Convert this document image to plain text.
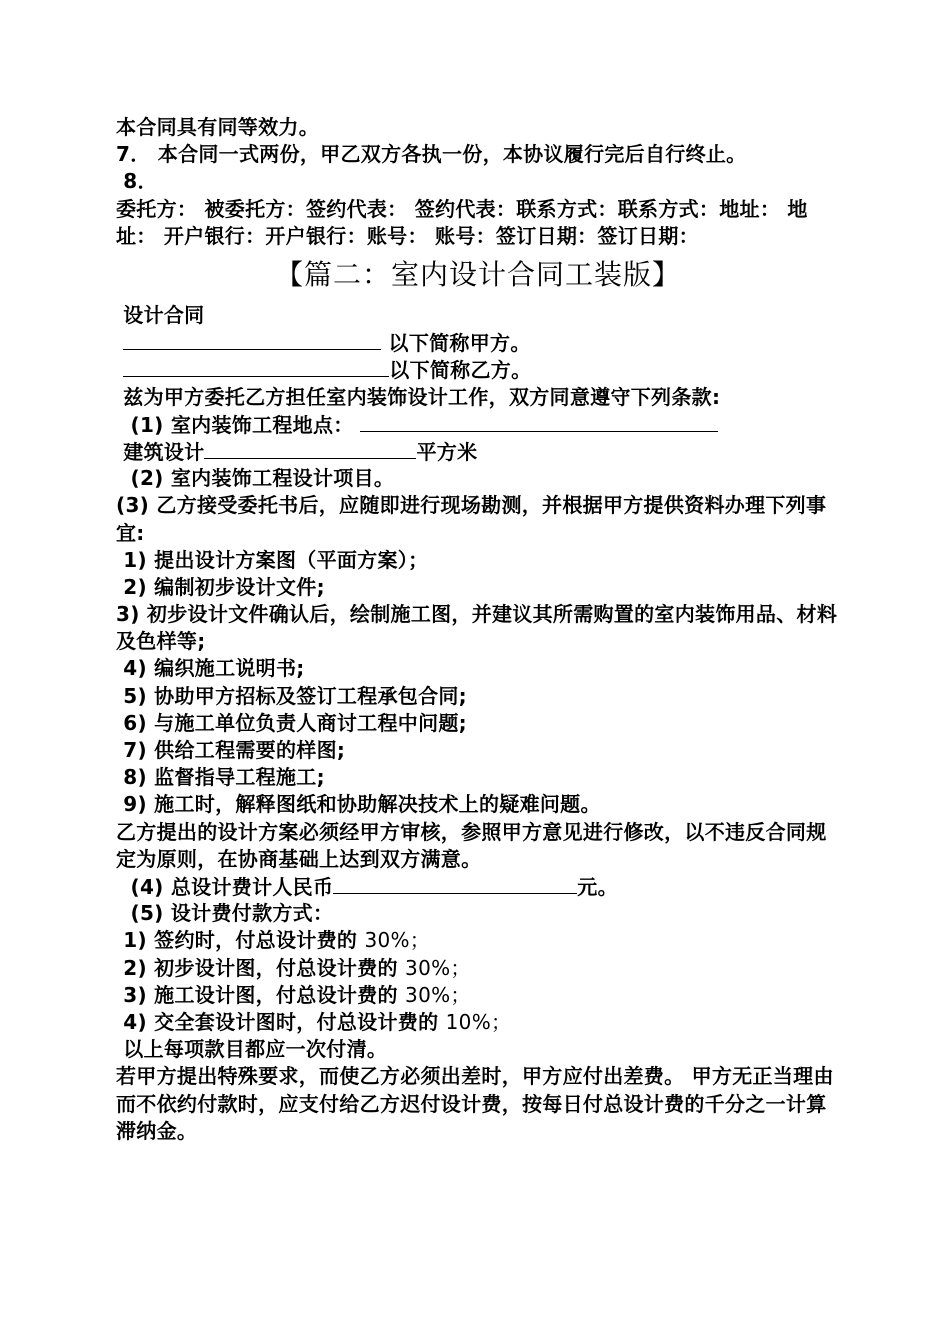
本合同具有同等效力。
7． 本合同一式两份，甲乙双方各执一份，本协议履行完后自行终止。
8．
委托方： 被委托方：签约代表： 签约代表：联系方式：联系方式：地址： 地址： 开户银行：开户银行：账号： 账号：签订日期：签订日期：
【篇二：室内设计合同工装版】
设计合同
以下简称甲方。
以下简称乙方。
兹为甲方委托乙方担任室内装饰设计工作，双方同意遵守下列条款:
(1) 室内装饰工程地点：
建筑设计	平方米
(2) 室内装饰工程设计项目。
(3) 乙方接受委托书后，应随即进行现场勘测，并根据甲方提供资料办理下列事宜:
1) 提出设计方案图（平面方案）；
2) 编制初步设计文件;
3) 初步设计文件确认后，绘制施工图，并建议其所需购置的室内装饰用品、材料及色样等;
4) 编织施工说明书;
5) 协助甲方招标及签订工程承包合同;
6) 与施工单位负责人商讨工程中问题;
7) 供给工程需要的样图;
8) 监督指导工程施工;
9) 施工时，解释图纸和协助解决技术上的疑难问题。
乙方提出的设计方案必须经甲方审核，参照甲方意见进行修改，以不违反合同规定为原则，在协商基础上达到双方满意。
(4) 总设计费计人民币	元。
(5) 设计费付款方式：
1) 签约时，付总设计费的 30%；
2) 初步设计图，付总设计费的 30%；
3) 施工设计图，付总设计费的 30%；
4) 交全套设计图时，付总设计费的 10%；
以上每项款目都应一次付清。
若甲方提出特殊要求，而使乙方必须出差时，甲方应付出差费。 甲方无正当理由而不依约付款时，应支付给乙方迟付设计费，按每日付总设计费的千分之一计算滞纳金。
